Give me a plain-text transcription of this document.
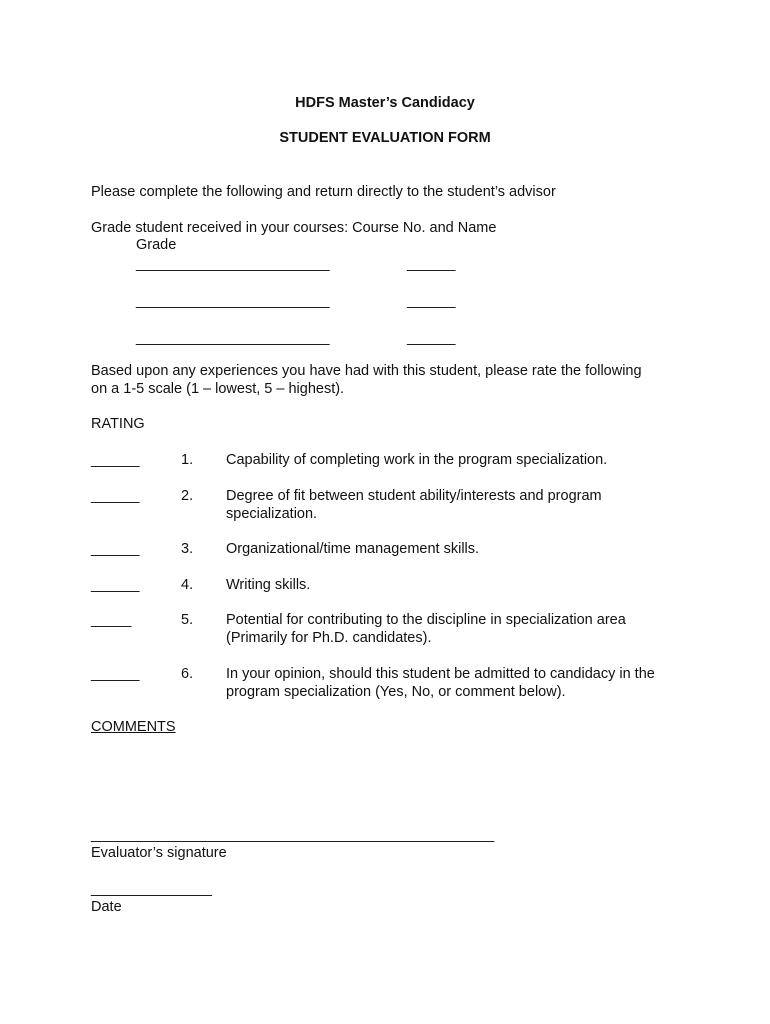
HDFS Master’s Candidacy
STUDENT EVALUATION FORM
Please complete the following and return directly to the student’s advisor
Grade student received in your courses: Course No. and Name
Grade
________________________	______
________________________	______
________________________	______
Based upon any experiences you have had with this student, please rate the following
on a 1-5 scale (1 – lowest, 5 – highest).
RATING
______	1. Capability of completing work in the program specialization.
______	2. Degree of fit between student ability/interests and program
specialization.
______	3. Organizational/time management skills.
______	4. Writing skills.
_____	5. Potential for contributing to the discipline in specialization area
(Primarily for Ph.D. candidates).
______	6. In your opinion, should this student be admitted to candidacy in the
program specialization (Yes, No, or comment below).
COMMENTS
__________________________________________________
Evaluator’s signature
_______________
Date
